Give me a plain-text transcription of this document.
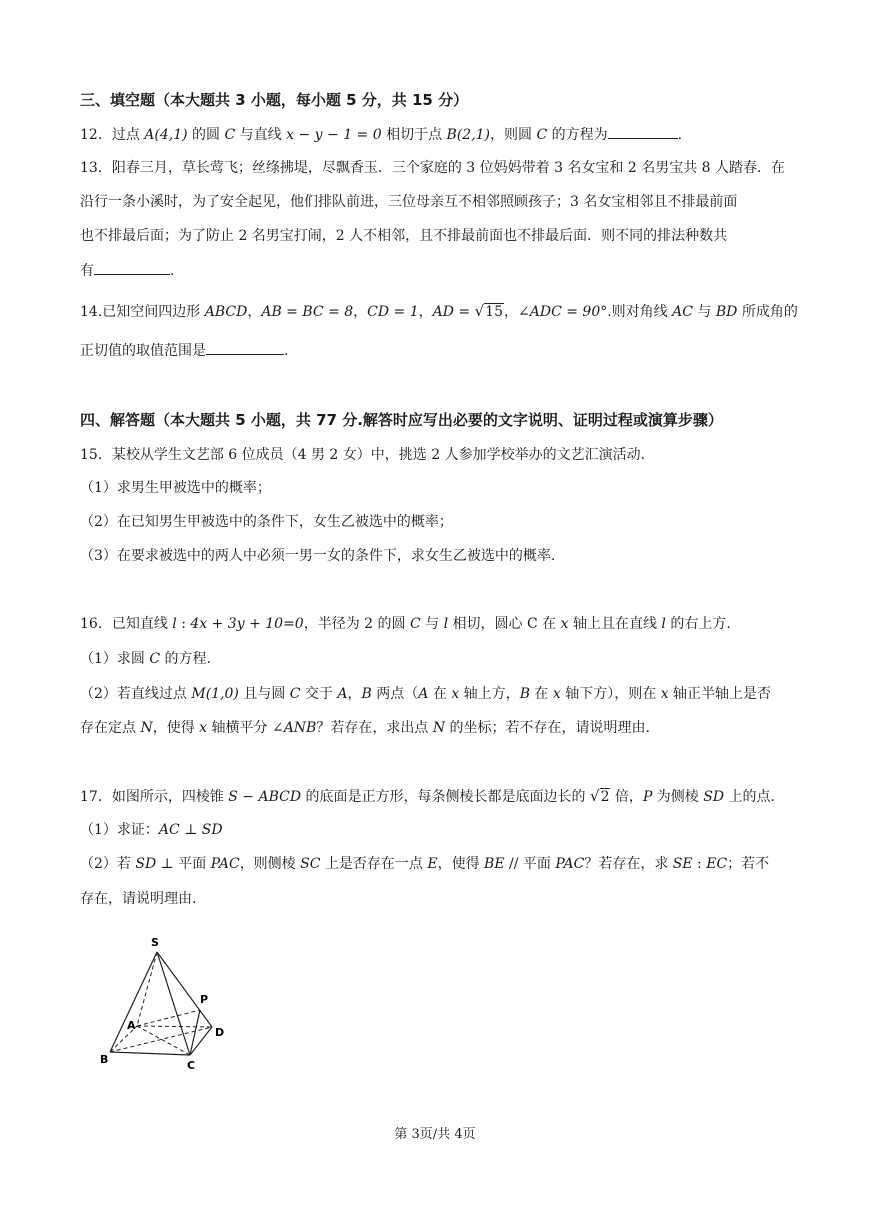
三、填空题（本大题共 3 小题，每小题 5 分，共 15 分）
12．过点 A(4,1) 的圆 C 与直线 x − y − 1 = 0 相切于点 B(2,1)，则圆 C 的方程为	.
13．阳春三月，草长莺飞；丝绦拂堤，尽飘香玉．三个家庭的 3 位妈妈带着 3 名女宝和 2 名男宝共 8 人踏春．在
沿行一条小溪时，为了安全起见，他们排队前进，三位母亲互不相邻照顾孩子；3 名女宝相邻且不排最前面
也不排最后面；为了防止 2 名男宝打闹，2 人不相邻，且不排最前面也不排最后面．则不同的排法种数共
有	.
14.已知空间四边形 ABCD，AB = BC = 8，CD = 1，AD = √15，∠ADC = 90°.则对角线 AC 与 BD 所成角的
正切值的取值范围是	.
四、解答题（本大题共 5 小题，共 77 分.解答时应写出必要的文字说明、证明过程或演算步骤）
15．某校从学生文艺部 6 位成员（4 男 2 女）中，挑选 2 人参加学校举办的文艺汇演活动.
（1）求男生甲被选中的概率；
（2）在已知男生甲被选中的条件下，女生乙被选中的概率；
（3）在要求被选中的两人中必须一男一女的条件下，求女生乙被选中的概率.
16．已知直线 l : 4x + 3y + 10=0，半径为 2 的圆 C 与 l 相切，圆心 C 在 x 轴上且在直线 l 的右上方.
（1）求圆 C 的方程.
（2）若直线过点 M(1,0) 且与圆 C 交于 A，B 两点（A 在 x 轴上方，B 在 x 轴下方），则在 x 轴正半轴上是否
存在定点 N，使得 x 轴横平分 ∠ANB？若存在，求出点 N 的坐标；若不存在，请说明理由.
17．如图所示，四棱锥 S − ABCD 的底面是正方形，每条侧棱长都是底面边长的 √2 倍，P 为侧棱 SD 上的点.
（1）求证：AC ⊥ SD
（2）若 SD ⊥ 平面 PAC，则侧棱 SC 上是否存在一点 E，使得 BE // 平面 PAC？若存在，求 SE : EC；若不
存在，请说明理由.
S
P
A
D
B	C
第 3页/共 4页
